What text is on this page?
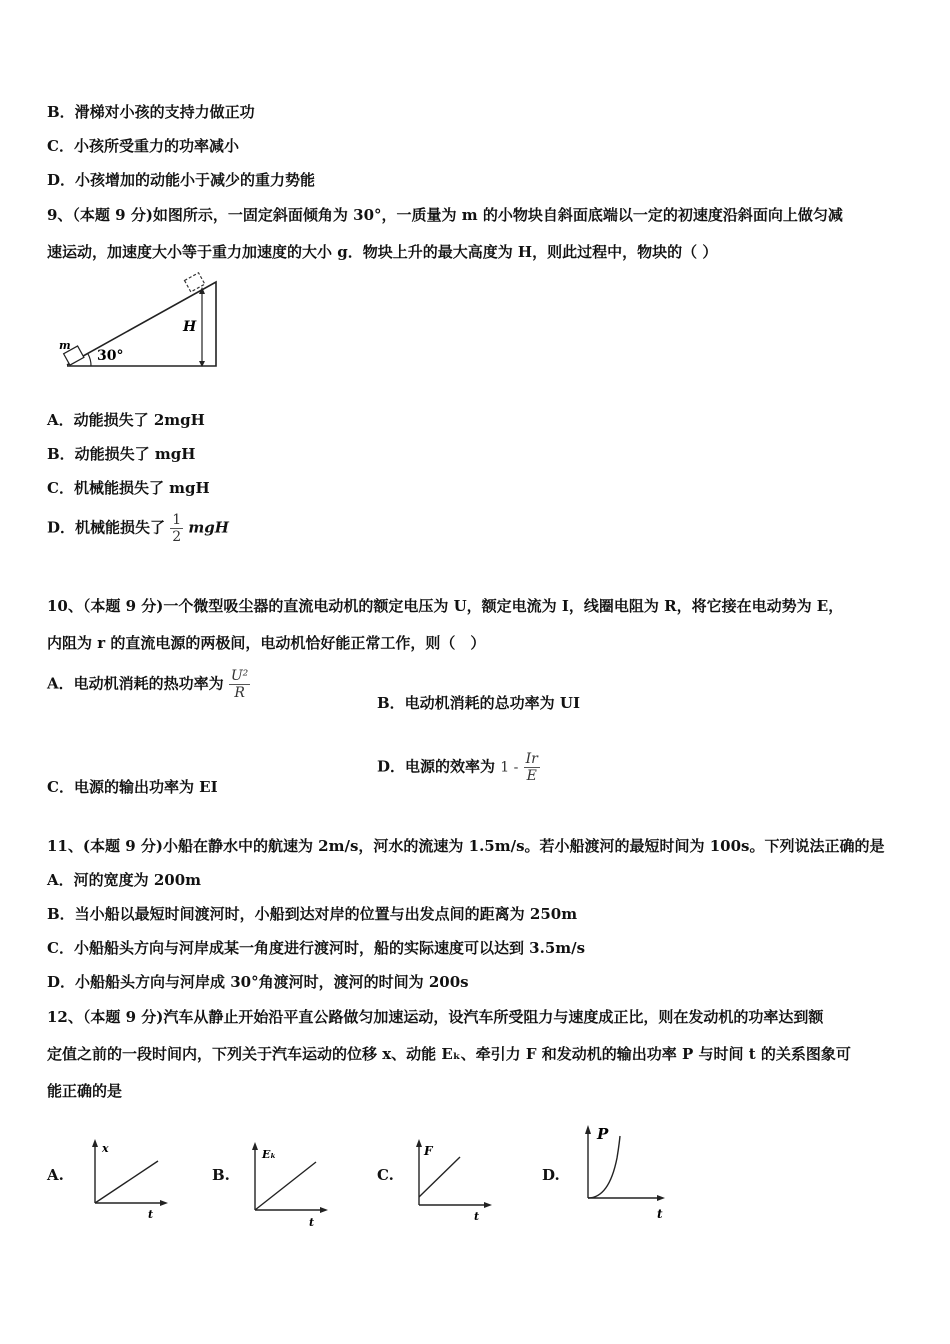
B．滑梯对小孩的支持力做正功
C．小孩所受重力的功率减小
D．小孩增加的动能小于减少的重力势能
9、（本题 9 分)如图所示，一固定斜面倾角为 30°，一质量为 m 的小物块自斜面底端以一定的初速度沿斜面向上做匀减
速运动，加速度大小等于重力加速度的大小 g．物块上升的最大高度为 H，则此过程中，物块的（ ）
H
30°
m
A．动能损失了 2mgH
B．动能损失了 mgH
C．机械能损失了 mgH
D．机械能损失了 $\frac{1}{2}$ mgH
10、（本题 9 分)一个微型吸尘器的直流电动机的额定电压为 U，额定电流为 I，线圈电阻为 R，将它接在电动势为 E，
内阻为 r 的直流电源的两极间，电动机恰好能正常工作，则（　）
A．电动机消耗的热功率为 $\frac{\text{U²}}{R}$
B．电动机消耗的总功率为 UI
C．电源的输出功率为 EI
D．电源的效率为 $1 - \frac{Ir}{E}$
11、(本题 9 分)小船在静水中的航速为 2m/s，河水的流速为 1.5m/s。若小船渡河的最短时间为 100s。下列说法正确的是
A．河的宽度为 200m
B．当小船以最短时间渡河时，小船到达对岸的位置与出发点间的距离为 250m
C．小船船头方向与河岸成某一角度进行渡河时，船的实际速度可以达到 3.5m/s
D．小船船头方向与河岸成 30°角渡河时，渡河的时间为 200s
12、（本题 9 分)汽车从静止开始沿平直公路做匀加速运动，设汽车所受阻力与速度成正比，则在发动机的功率达到额
定值之前的一段时间内，下列关于汽车运动的位移 x、动能 Eₖ、牵引力 F 和发动机的输出功率 P 与时间 t 的关系图象可
能正确的是
A.
x
t
B.
Eₖ
t
C.
F
t
D.
P
t
